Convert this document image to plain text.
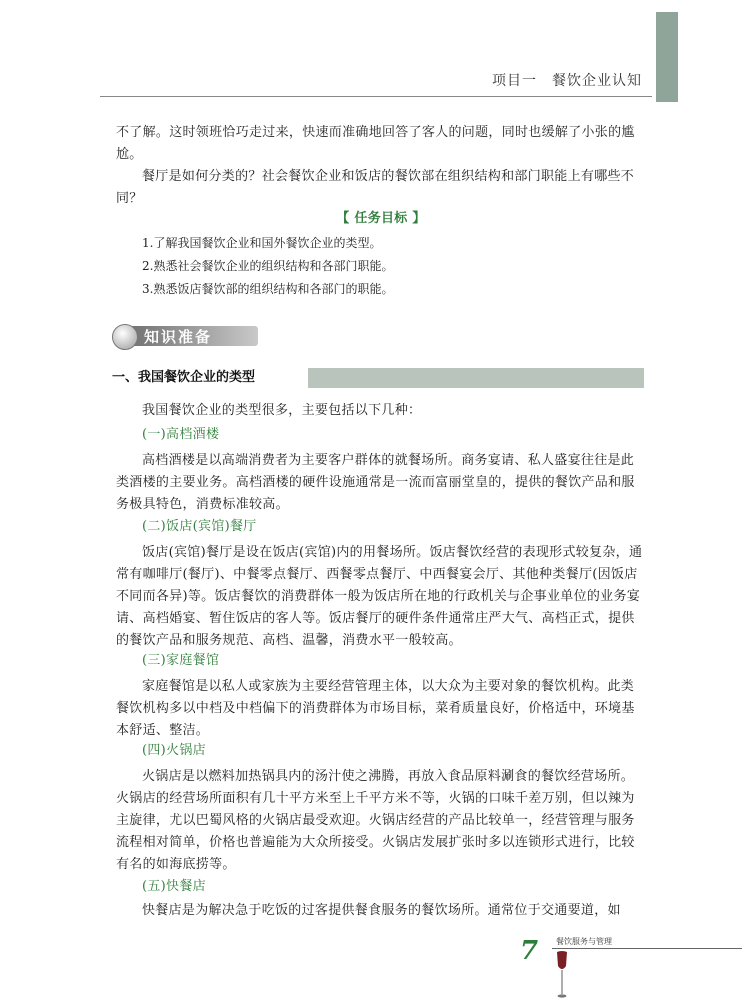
项目一　餐饮企业认知
不了解。这时领班恰巧走过来，快速而准确地回答了客人的问题，同时也缓解了小张的尴尬。
餐厅是如何分类的？社会餐饮企业和饭店的餐饮部在组织结构和部门职能上有哪些不同？
【 任务目标 】
1.了解我国餐饮企业和国外餐饮企业的类型。
2.熟悉社会餐饮企业的组织结构和各部门职能。
3.熟悉饭店餐饮部的组织结构和各部门的职能。
知识准备
一、我国餐饮企业的类型
我国餐饮企业的类型很多，主要包括以下几种：
(一)高档酒楼
高档酒楼是以高端消费者为主要客户群体的就餐场所。商务宴请、私人盛宴往往是此类酒楼的主要业务。高档酒楼的硬件设施通常是一流而富丽堂皇的，提供的餐饮产品和服务极具特色，消费标准较高。
(二)饭店(宾馆)餐厅
饭店(宾馆)餐厅是设在饭店(宾馆)内的用餐场所。饭店餐饮经营的表现形式较复杂，通常有咖啡厅(餐厅)、中餐零点餐厅、西餐零点餐厅、中西餐宴会厅、其他种类餐厅(因饭店不同而各异)等。饭店餐饮的消费群体一般为饭店所在地的行政机关与企事业单位的业务宴请、高档婚宴、暂住饭店的客人等。饭店餐厅的硬件条件通常庄严大气、高档正式，提供的餐饮产品和服务规范、高档、温馨，消费水平一般较高。
(三)家庭餐馆
家庭餐馆是以私人或家族为主要经营管理主体，以大众为主要对象的餐饮机构。此类餐饮机构多以中档及中档偏下的消费群体为市场目标，菜肴质量良好，价格适中，环境基本舒适、整洁。
(四)火锅店
火锅店是以燃料加热锅具内的汤汁使之沸腾，再放入食品原料涮食的餐饮经营场所。火锅店的经营场所面积有几十平方米至上千平方米不等，火锅的口味千差万别，但以辣为主旋律，尤以巴蜀风格的火锅店最受欢迎。火锅店经营的产品比较单一，经营管理与服务流程相对简单，价格也普遍能为大众所接受。火锅店发展扩张时多以连锁形式进行，比较有名的如海底捞等。
(五)快餐店
快餐店是为解决急于吃饭的过客提供餐食服务的餐饮场所。通常位于交通要道，如
7 餐饮服务与管理
